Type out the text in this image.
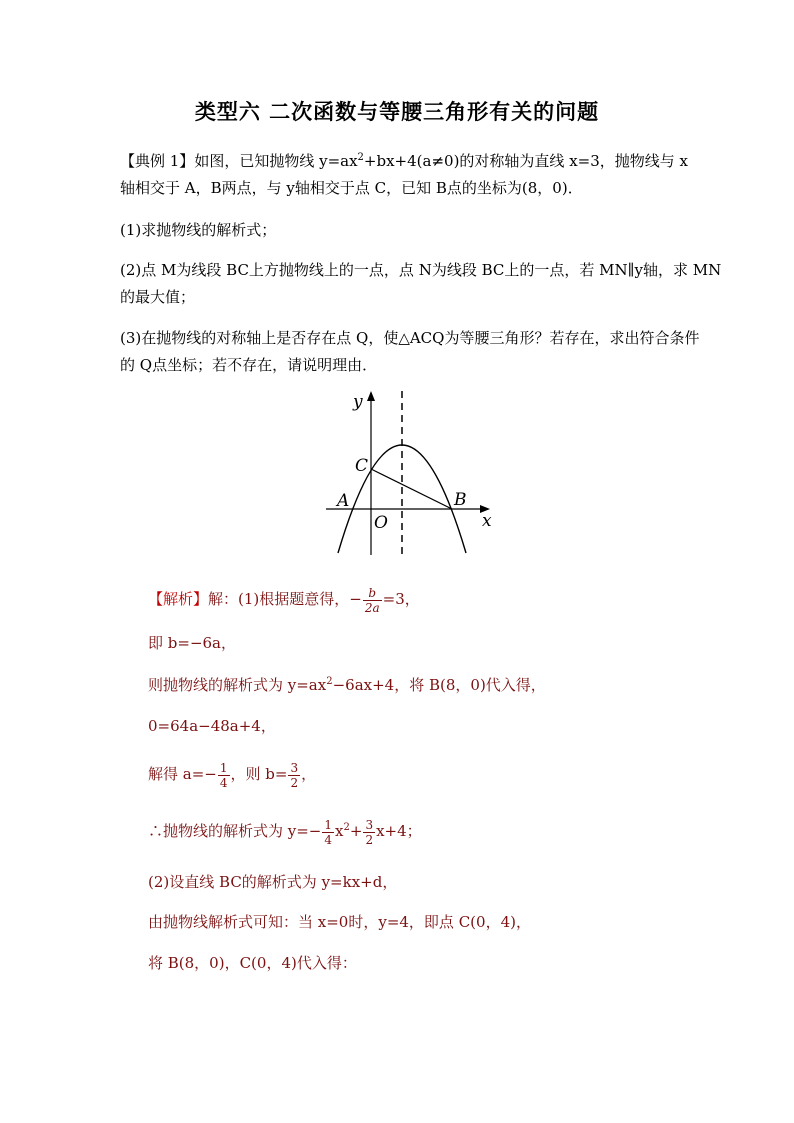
类型六 二次函数与等腰三角形有关的问题
【典例 1】如图，已知抛物线 $y=ax^2+bx+4(a\ne 0)$的对称轴为直线 x=3，抛物线与 x
轴相交于 A，B两点，与 y轴相交于点 C，已知 B点的坐标为(8，0)．
(1)求抛物线的解析式；
(2)点 M为线段 BC上方抛物线上的一点，点 N为线段 BC上的一点，若 MN∥y轴，求 MN
的最大值；
(3)在抛物线的对称轴上是否存在点 Q，使△ACQ为等腰三角形？若存在，求出符合条件
的 Q点坐标；若不存在，请说明理由．
y
x
C
A	B
O
【解析】解：(1)根据题意得，− $\frac{b}{2a} =3$，
即 b=−6a，
则抛物线的解析式为 $y=ax^2-6ax+4$，将 B(8，0)代入得，
0=64a−48a+4，
解得 $a=- \frac{1}{4}$ ，则 $b= \frac{3}{2}$ ，
∴抛物线的解析式为 $y=- \frac{1}{4} x^2+ \frac{3}{2} x+4$；
(2)设直线 BC的解析式为 y=kx+d，
由抛物线解析式可知：当 x=0时，y=4，即点 C(0，4)，
将 B(8，0)，C(0，4)代入得：
